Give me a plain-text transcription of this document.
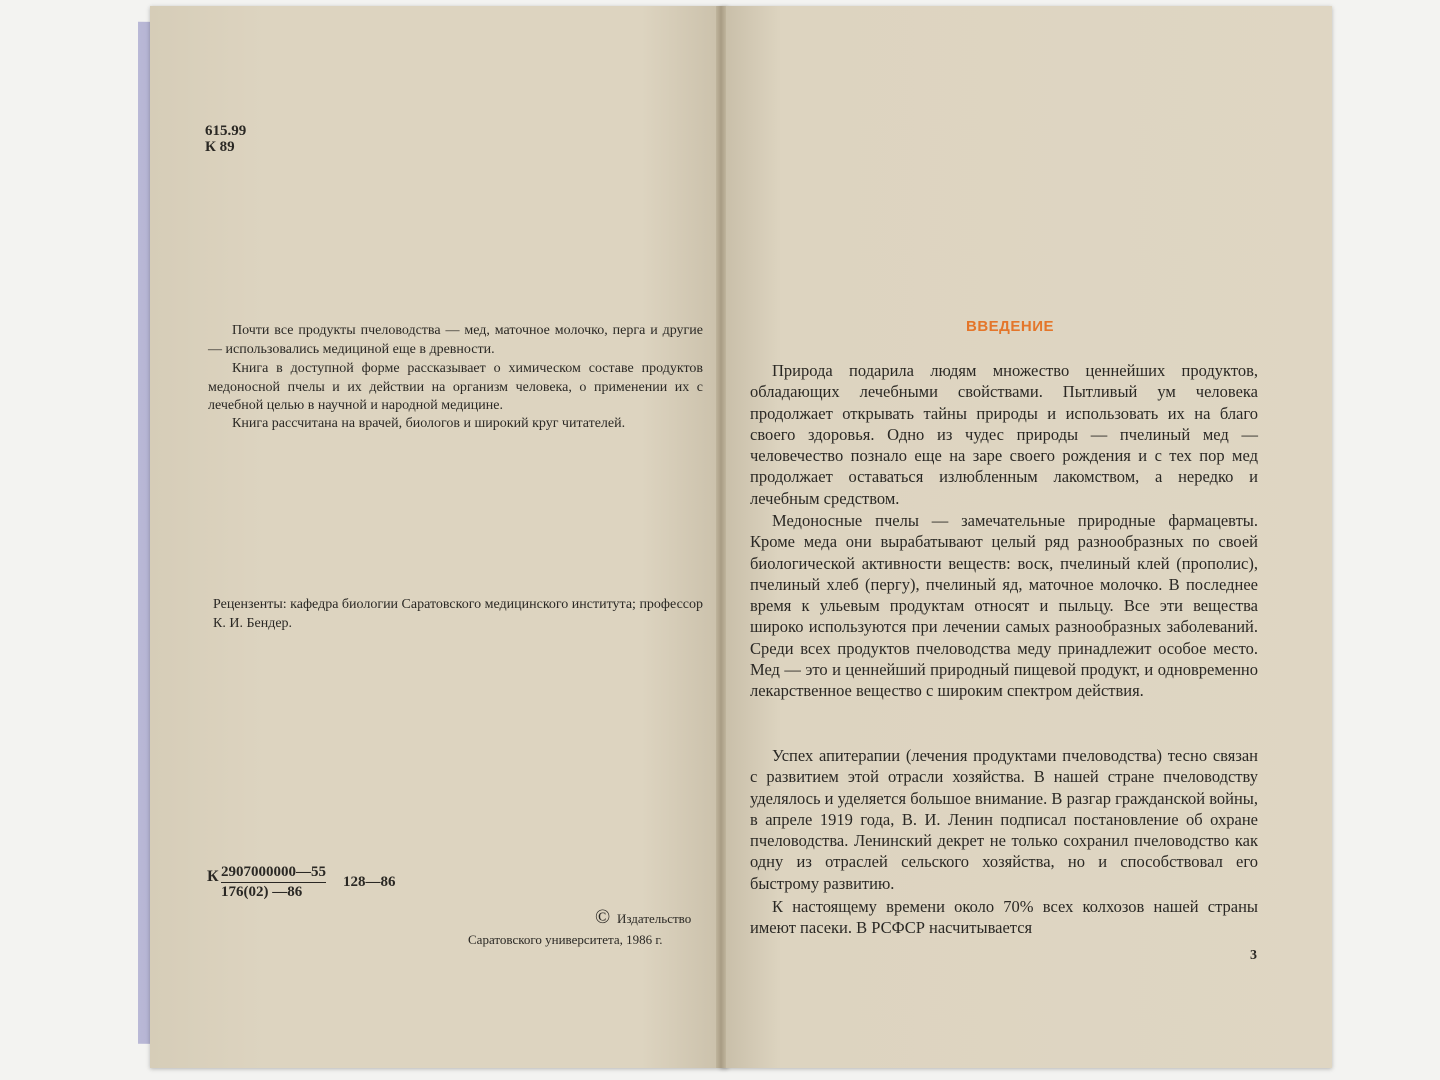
615.99
К 89
Почти все продукты пчеловодства — мед, маточное молочко, перга и другие — использовались медициной еще в древности.
Книга в доступной форме рассказывает о химическом составе продуктов медоносной пчелы и их действии на организм человека, о применении их с лечебной целью в научной и народной медицине.
Книга рассчитана на врачей, биологов и широкий круг читателей.
Рецензенты: кафедра биологии Саратовского медицинского института; профессор К. И. Бендер.
К 2907000000—55
176(02) —86
128—86
© Издательство
Саратовского университета, 1986 г.
ВВЕДЕНИЕ
Природа подарила людям множество ценнейших продуктов, обладающих лечебными свойствами. Пытливый ум человека продолжает открывать тайны природы и использовать их на благо своего здоровья. Одно из чудес природы — пчелиный мед — человечество познало еще на заре своего рождения и с тех пор мед продолжает оставаться излюбленным лакомством, а нередко и лечебным средством.
Медоносные пчелы — замечательные природные фармацевты. Кроме меда они вырабатывают целый ряд разнообразных по своей биологической активности веществ: воск, пчелиный клей (прополис), пчелиный хлеб (пергу), пчелиный яд, маточное молочко. В последнее время к ульевым продуктам относят и пыльцу. Все эти вещества широко используются при лечении самых разнообразных заболеваний. Среди всех продуктов пчеловодства меду принадлежит особое место. Мед — это и ценнейший природный пищевой продукт, и одновременно лекарственное вещество с широким спектром действия.
Успех апитерапии (лечения продуктами пчеловодства) тесно связан с развитием этой отрасли хозяйства. В нашей стране пчеловодству уделялось и уделяется большое внимание. В разгар гражданской войны, в апреле 1919 года, В. И. Ленин подписал постановление об охране пчеловодства. Ленинский декрет не только сохранил пчеловодство как одну из отраслей сельского хозяйства, но и способствовал его быстрому развитию.
К настоящему времени около 70% всех колхозов нашей страны имеют пасеки. В РСФСР насчитывается
3
